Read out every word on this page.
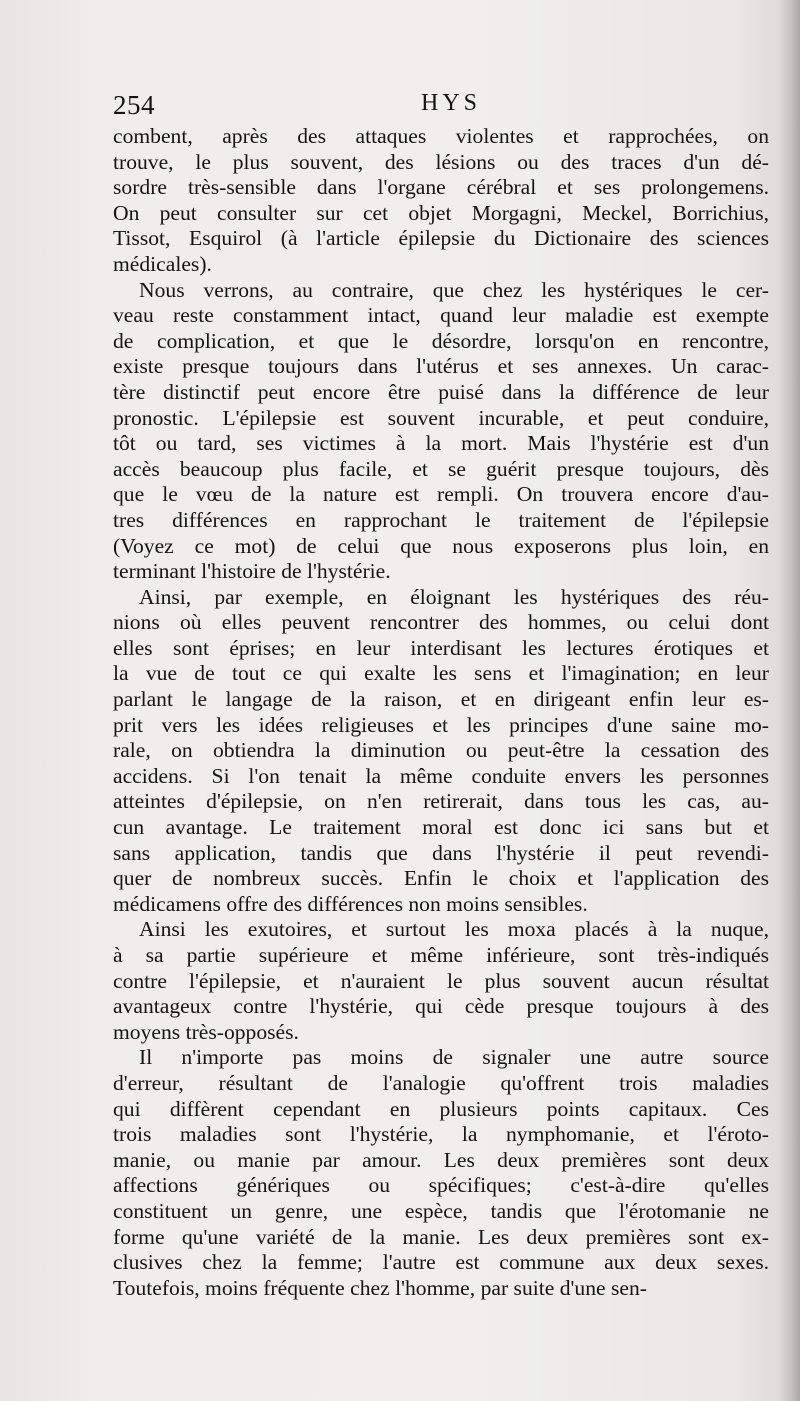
254	HYS
combent, après des attaques violentes et rapprochées, on
trouve, le plus souvent, des lésions ou des traces d'un dé-
sordre très-sensible dans l'organe cérébral et ses prolongemens.
On peut consulter sur cet objet Morgagni, Meckel, Borrichius,
Tissot, Esquirol (à l'article épilepsie du Dictionaire des sciences
médicales).
Nous verrons, au contraire, que chez les hystériques le cer-
veau reste constamment intact, quand leur maladie est exempte
de complication, et que le désordre, lorsqu'on en rencontre,
existe presque toujours dans l'utérus et ses annexes. Un carac-
tère distinctif peut encore être puisé dans la différence de leur
pronostic. L'épilepsie est souvent incurable, et peut conduire,
tôt ou tard, ses victimes à la mort. Mais l'hystérie est d'un
accès beaucoup plus facile, et se guérit presque toujours, dès
que le vœu de la nature est rempli. On trouvera encore d'au-
tres différences en rapprochant le traitement de l'épilepsie
(Voyez ce mot) de celui que nous exposerons plus loin, en
terminant l'histoire de l'hystérie.
Ainsi, par exemple, en éloignant les hystériques des réu-
nions où elles peuvent rencontrer des hommes, ou celui dont
elles sont éprises; en leur interdisant les lectures érotiques et
la vue de tout ce qui exalte les sens et l'imagination; en leur
parlant le langage de la raison, et en dirigeant enfin leur es-
prit vers les idées religieuses et les principes d'une saine mo-
rale, on obtiendra la diminution ou peut-être la cessation des
accidens. Si l'on tenait la même conduite envers les personnes
atteintes d'épilepsie, on n'en retirerait, dans tous les cas, au-
cun avantage. Le traitement moral est donc ici sans but et
sans application, tandis que dans l'hystérie il peut revendi-
quer de nombreux succès. Enfin le choix et l'application des
médicamens offre des différences non moins sensibles.
Ainsi les exutoires, et surtout les moxa placés à la nuque,
à sa partie supérieure et même inférieure, sont très-indiqués
contre l'épilepsie, et n'auraient le plus souvent aucun résultat
avantageux contre l'hystérie, qui cède presque toujours à des
moyens très-opposés.
Il n'importe pas moins de signaler une autre source
d'erreur, résultant de l'analogie qu'offrent trois maladies
qui diffèrent cependant en plusieurs points capitaux. Ces
trois maladies sont l'hystérie, la nymphomanie, et l'éroto-
manie, ou manie par amour. Les deux premières sont deux
affections génériques ou spécifiques; c'est-à-dire qu'elles
constituent un genre, une espèce, tandis que l'érotomanie ne
forme qu'une variété de la manie. Les deux premières sont ex-
clusives chez la femme; l'autre est commune aux deux sexes.
Toutefois, moins fréquente chez l'homme, par suite d'une sen-
